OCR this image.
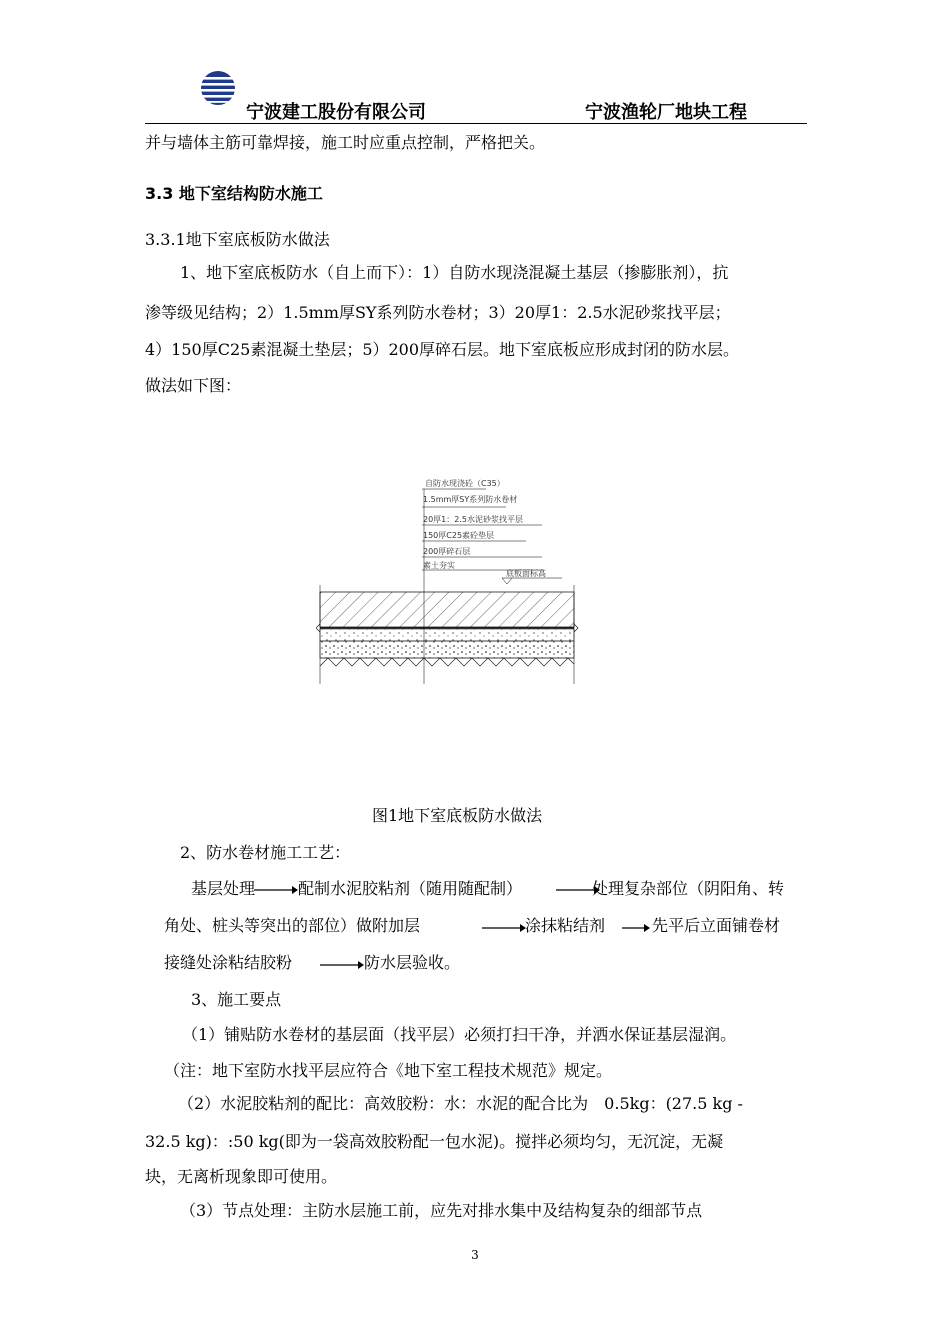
宁波建工股份有限公司	宁波渔轮厂地块工程
并与墙体主筋可靠焊接，施工时应重点控制，严格把关。
3.3 地下室结构防水施工
3.3.1地下室底板防水做法
1、地下室底板防水（自上而下）：1）自防水现浇混凝土基层（掺膨胀剂），抗
渗等级见结构；2）1.5mm厚SY系列防水卷材；3）20厚1：2.5水泥砂浆找平层；
4）150厚C25素混凝土垫层；5）200厚碎石层。地下室底板应形成封闭的防水层。
做法如下图：
自防水现浇砼（C35）
1.5mm厚SY系列防水卷材
20厚1：2.5水泥砂浆找平层
150厚C25素砼垫层
200厚碎石层
素土夯实
底板面标高
图1地下室底板防水做法
2、防水卷材施工工艺：
基层处理	配制水泥胶粘剂（随用随配制）	处理复杂部位（阴阳角、转
角处、桩头等突出的部位）做附加层	涂抹粘结剂	先平后立面铺卷材
接缝处涂粘结胶粉	防水层验收。
3、施工要点
（1）铺贴防水卷材的基层面（找平层）必须打扫干净，并洒水保证基层湿润。
（注：地下室防水找平层应符合《地下室工程技术规范》规定。
（2）水泥胶粘剂的配比：高效胶粉：水：水泥的配合比为　0.5kg：(27.5 kg -
32.5 kg)：:50 kg(即为一袋高效胶粉配一包水泥)。搅拌必须均匀，无沉淀，无凝
块，无离析现象即可使用。
（3）节点处理：主防水层施工前，应先对排水集中及结构复杂的细部节点
3
